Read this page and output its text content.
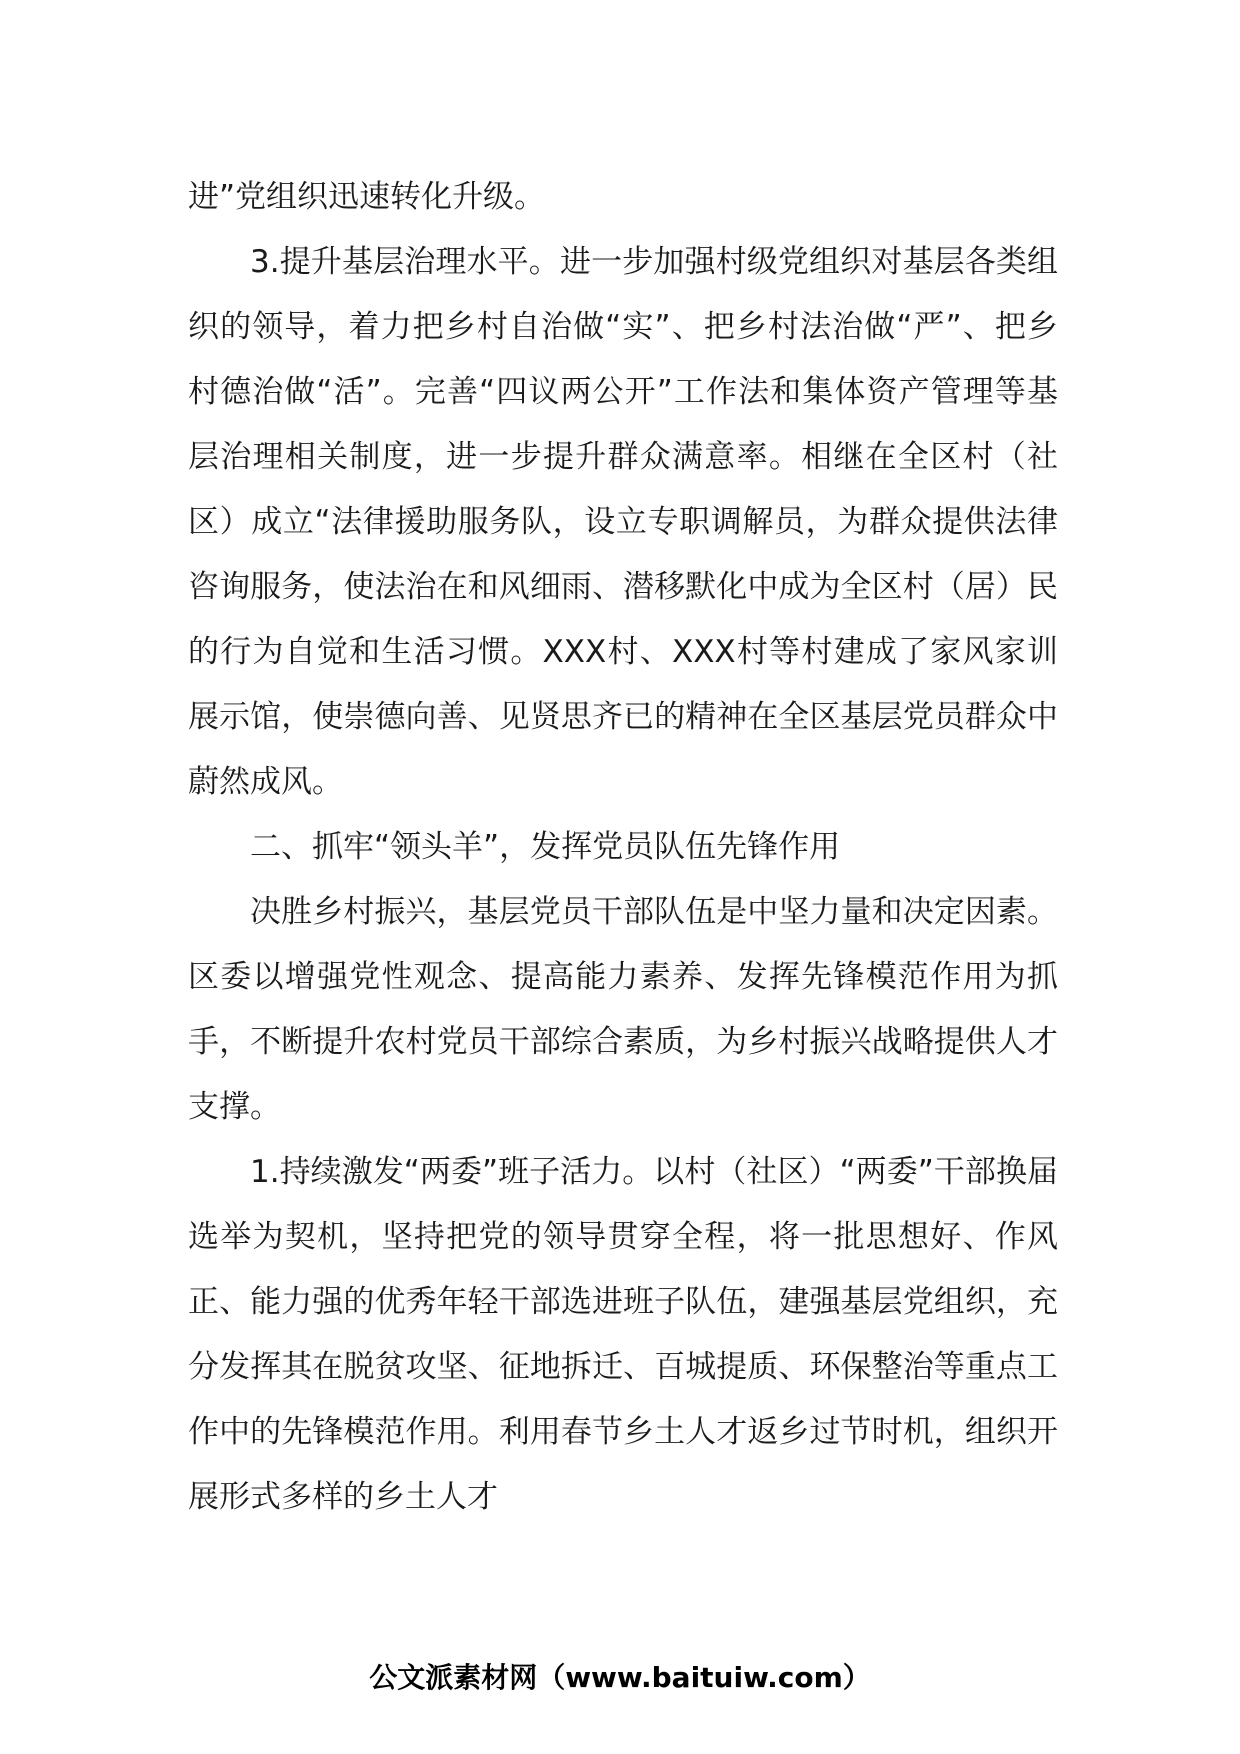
进”党组织迅速转化升级。

3.提升基层治理水平。进一步加强村级党组织对基层各类组织的领导，着力把乡村自治做“实”、把乡村法治做“严”、把乡村德治做“活”。完善“四议两公开”工作法和集体资产管理等基层治理相关制度，进一步提升群众满意率。相继在全区村（社区）成立“法律援助服务队，设立专职调解员，为群众提供法律咨询服务，使法治在和风细雨、潜移默化中成为全区村（居）民的行为自觉和生活习惯。XXX村、XXX村等村建成了家风家训展示馆，使崇德向善、见贤思齐已的精神在全区基层党员群众中蔚然成风。

二、抓牢“领头羊”，发挥党员队伍先锋作用

决胜乡村振兴，基层党员干部队伍是中坚力量和决定因素。区委以增强党性观念、提高能力素养、发挥先锋模范作用为抓手，不断提升农村党员干部综合素质，为乡村振兴战略提供人才支撑。

1.持续激发“两委”班子活力。以村（社区）“两委”干部换届选举为契机，坚持把党的领导贯穿全程，将一批思想好、作风正、能力强的优秀年轻干部选进班子队伍，建强基层党组织，充分发挥其在脱贫攻坚、征地拆迁、百城提质、环保整治等重点工作中的先锋模范作用。利用春节乡土人才返乡过节时机，组织开展形式多样的乡土人才

公文派素材网（www.baituiw.com）
